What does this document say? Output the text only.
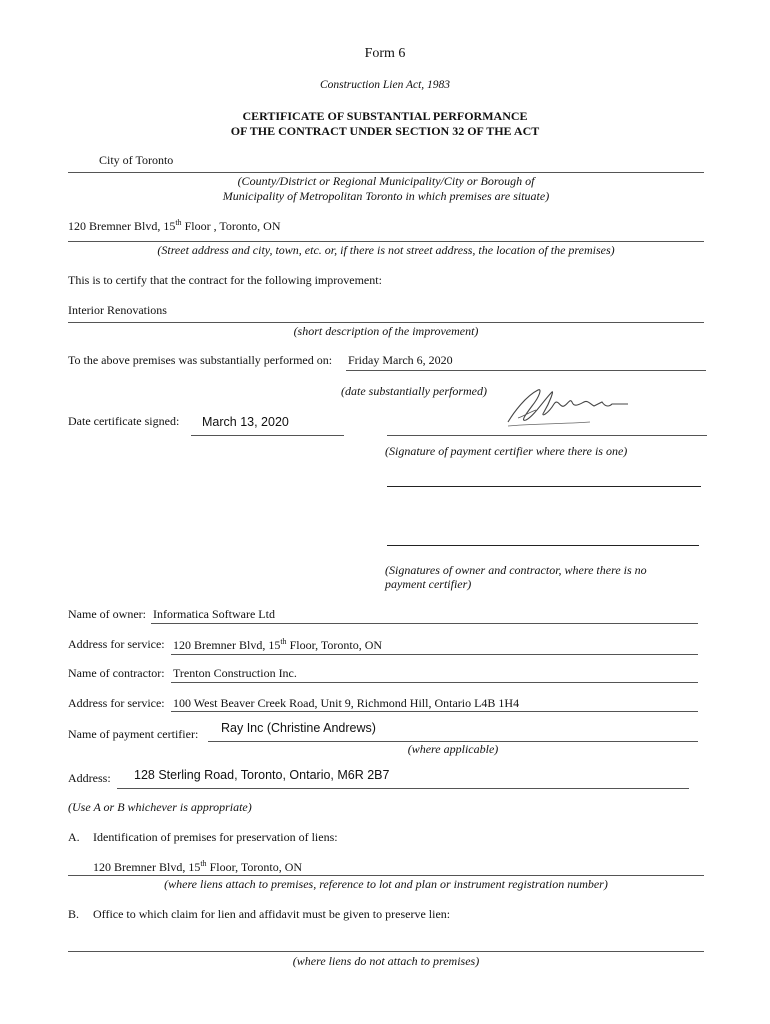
Form 6
Construction Lien Act, 1983
CERTIFICATE OF SUBSTANTIAL PERFORMANCE
OF THE CONTRACT UNDER SECTION 32 OF THE ACT
City of Toronto
(County/District or Regional Municipality/City or Borough of
Municipality of Metropolitan Toronto in which premises are situate)
120 Bremner Blvd, 15th Floor , Toronto, ON
(Street address and city, town, etc. or, if there is not street address, the location of the premises)
This is to certify that the contract for the following improvement:
Interior Renovations
(short description of the improvement)
To the above premises was substantially performed on: Friday March 6, 2020
(date substantially performed)
Date certificate signed: March 13, 2020
(Signature of payment certifier where there is one)
(Signatures of owner and contractor, where there is no
payment certifier)
Name of owner: Informatica Software Ltd
Address for service: 120 Bremner Blvd, 15th Floor, Toronto, ON
Name of contractor: Trenton Construction Inc.
Address for service: 100 West Beaver Creek Road, Unit 9, Richmond Hill, Ontario L4B 1H4
Name of payment certifier: Ray Inc (Christine Andrews)
(where applicable)
Address: 128 Sterling Road, Toronto, Ontario, M6R 2B7
(Use A or B whichever is appropriate)
A. Identification of premises for preservation of liens:
120 Bremner Blvd, 15th Floor, Toronto, ON
(where liens attach to premises, reference to lot and plan or instrument registration number)
B. Office to which claim for lien and affidavit must be given to preserve lien:
(where liens do not attach to premises)
